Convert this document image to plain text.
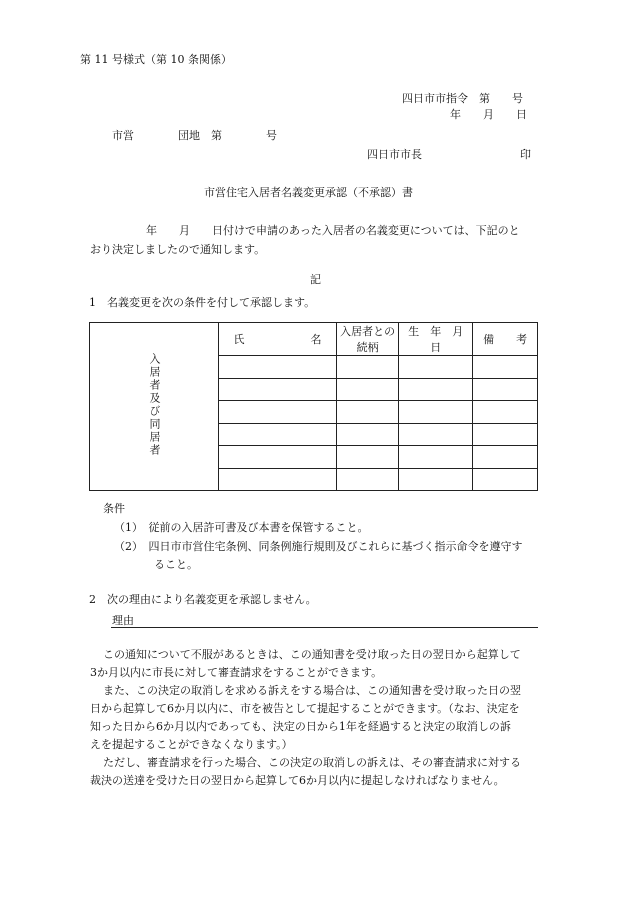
第 11 号様式（第 10 条関係）
四日市市指令　第　　号
年　　月　　日
市営　　　　団地　第　　　　号
四日市市長	印
市営住宅入居者名義変更承認（不承認）書
年　　月　　日付けで申請のあった入居者の名義変更については、下記のと
おり決定しましたので通知します。
記
1　名義変更を次の条件を付して承認します。
入居者及び同居者	氏　　　　　　名	入居者との続柄	生　年　月　日	備　　考

条件
（1）　従前の入居許可書及び本書を保管すること。
（2）　四日市市営住宅条例、同条例施行規則及びこれらに基づく指示命令を遵守す
ること。
2　次の理由により名義変更を承認しません。
理由
この通知について不服があるときは、この通知書を受け取った日の翌日から起算して
3か月以内に市長に対して審査請求をすることができます。
また、この決定の取消しを求める訴えをする場合は、この通知書を受け取った日の翌
日から起算して6か月以内に、市を被告として提起することができます。（なお、決定を
知った日から6か月以内であっても、決定の日から1年を経過すると決定の取消しの訴
えを提起することができなくなります。）
ただし、審査請求を行った場合、この決定の取消しの訴えは、その審査請求に対する
裁決の送達を受けた日の翌日から起算して6か月以内に提起しなければなりません。
